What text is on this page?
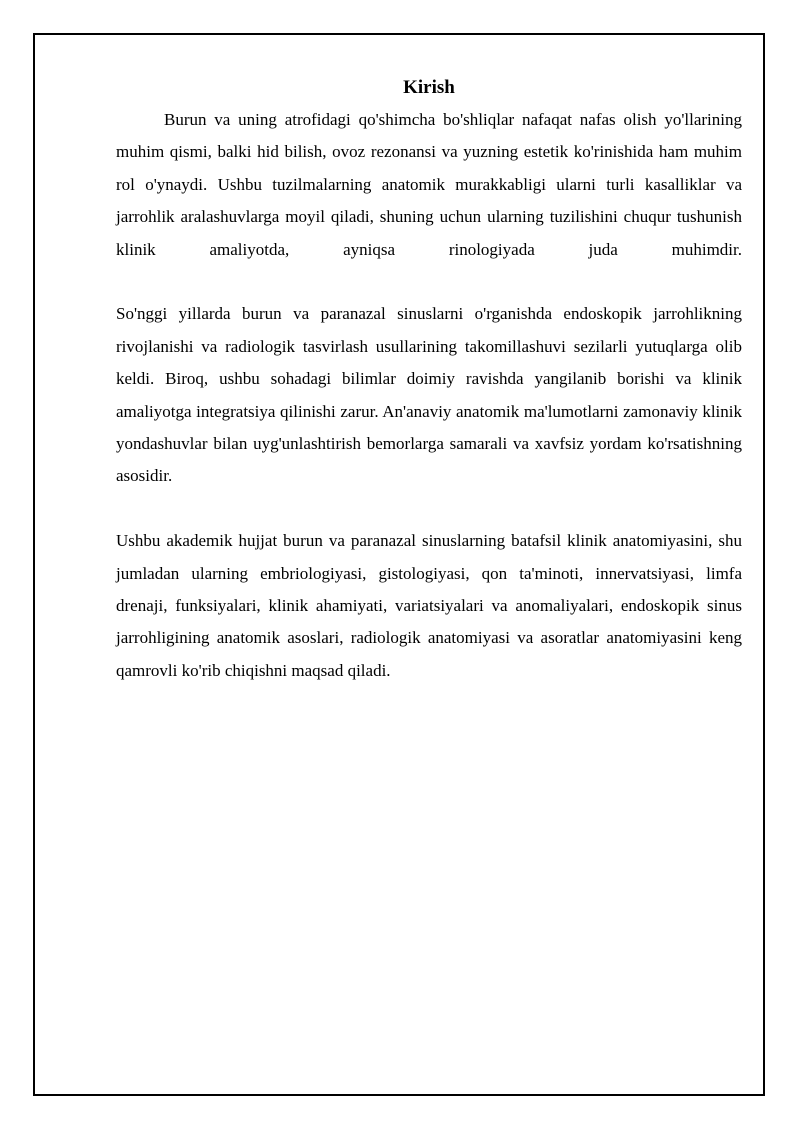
Kirish

Burun va uning atrofidagi qo'shimcha bo'shliqlar nafaqat nafas olish yo'llarining muhim qismi, balki hid bilish, ovoz rezonansi va yuzning estetik ko'rinishida ham muhim rol o'ynaydi. Ushbu tuzilmalarning anatomik murakkabligi ularni turli kasalliklar va jarrohlik aralashuvlarga moyil qiladi, shuning uchun ularning tuzilishini chuqur tushunish klinik amaliyotda, ayniqsa rinologiyada juda muhimdir.

So'nggi yillarda burun va paranazal sinuslarni o'rganishda endoskopik jarrohlikning rivojlanishi va radiologik tasvirlash usullarining takomillashuvi sezilarli yutuqlarga olib keldi. Biroq, ushbu sohadagi bilimlar doimiy ravishda yangilanib borishi va klinik amaliyotga integratsiya qilinishi zarur. An'anaviy anatomik ma'lumotlarni zamonaviy klinik yondashuvlar bilan uyg'unlashtirish bemorlarga samarali va xavfsiz yordam ko'rsatishning asosidir.

Ushbu akademik hujjat burun va paranazal sinuslarning batafsil klinik anatomiyasini, shu jumladan ularning embriologiyasi, gistologiyasi, qon ta'minoti, innervatsiyasi, limfa drenaji, funksiyalari, klinik ahamiyati, variatsiyalari va anomaliyalari, endoskopik sinus jarrohligining anatomik asoslari, radiologik anatomiyasi va asoratlar anatomiyasini keng qamrovli ko'rib chiqishni maqsad qiladi.
